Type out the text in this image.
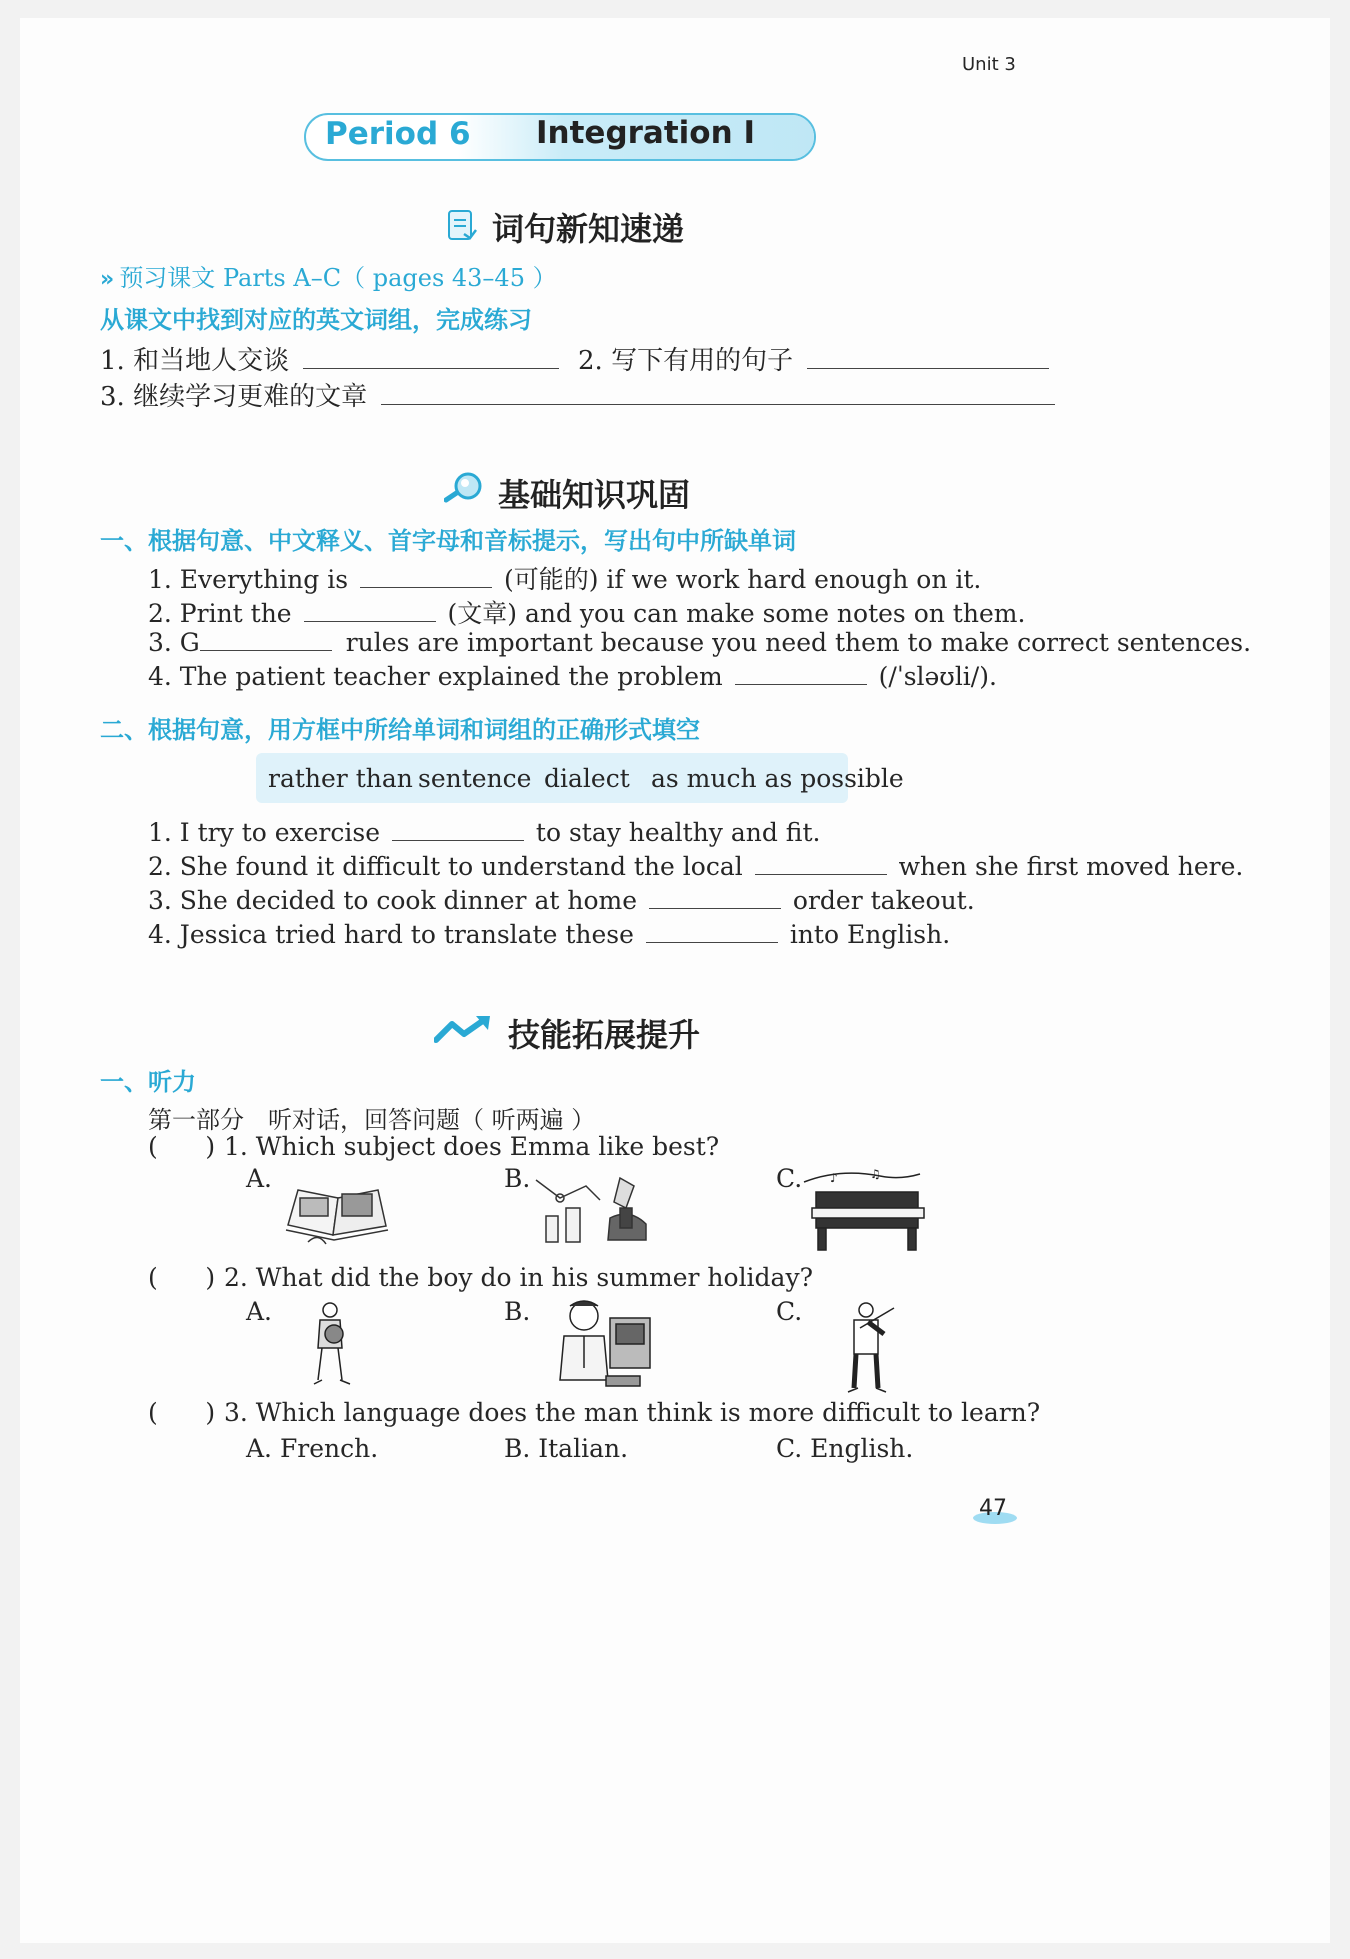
Unit 3
Period 6 Integration I
词句新知速递
» 预习课文 Parts A–C（ pages 43–45 ）
从课文中找到对应的英文词组，完成练习
1. 和当地人交谈	2. 写下有用的句子
3. 继续学习更难的文章
基础知识巩固
一、根据句意、中文释义、首字母和音标提示，写出句中所缺单词
1. Everything is	(可能的) if we work hard enough on it.
2. Print the	(文章) and you can make some notes on them.
3. G	rules are important because you need them to make correct sentences.
4. The patient teacher explained the problem	(/ˈslәʊli/).
二、根据句意，用方框中所给单词和词组的正确形式填空
rather than sentence dialect as much as possible
1. I try to exercise	to stay healthy and fit.
2. She found it difficult to understand the local	when she first moved here.
3. She decided to cook dinner at home	order takeout.
4. Jessica tried hard to translate these	into English.
技能拓展提升
一、听力
第一部分　听对话，回答问题（ 听两遍 ）
(      ) 1. Which subject does Emma like best?
A.	B.	C. ♪	♫
(      ) 2. What did the boy do in his summer holiday?
A.	B.	C.
(      ) 3. Which language does the man think is more difficult to learn?
A. French.	B. Italian.	C. English.
47
